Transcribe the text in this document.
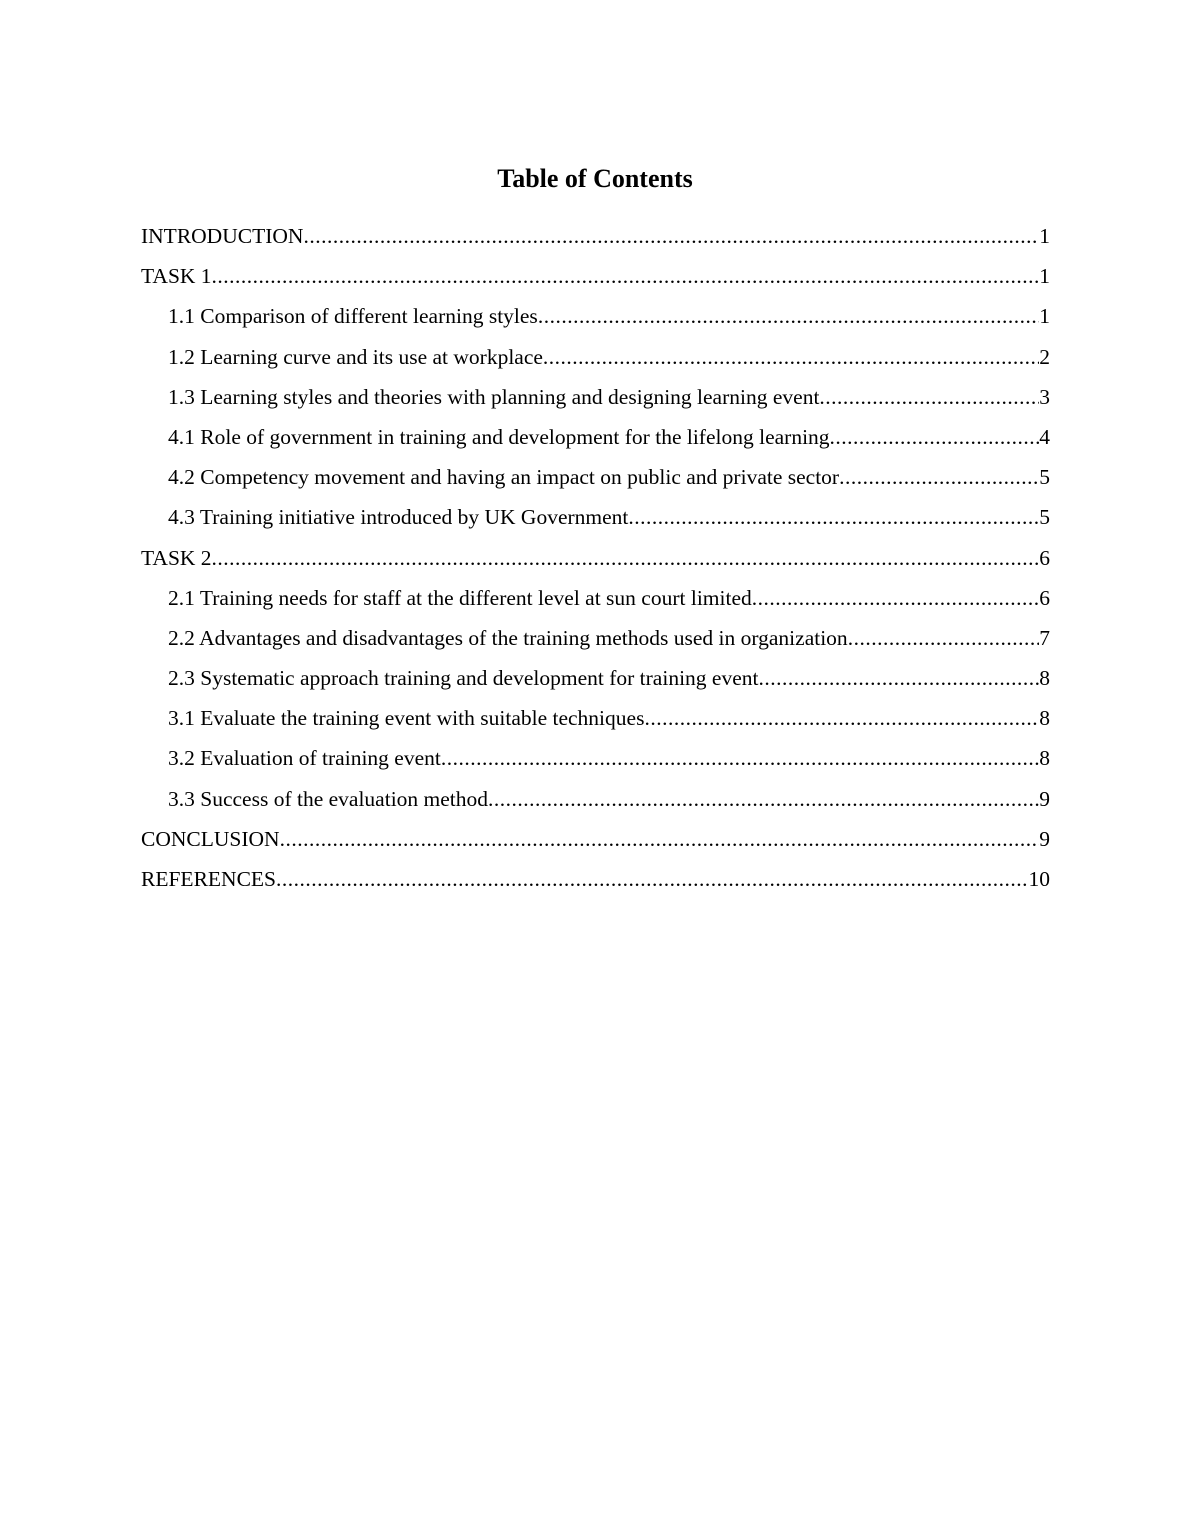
Table of Contents
INTRODUCTION .....	1
TASK 1 .....	1
1.1 Comparison of different learning styles .....	1
1.2 Learning curve and its use at workplace .....	2
1.3 Learning styles and theories with planning and designing learning event .....	3
4.1 Role of government in training and development for the lifelong learning .....	4
4.2 Competency movement and having an impact on public and private sector .....	5
4.3 Training initiative introduced by UK Government .....	5
TASK 2 .....	6
2.1 Training needs for staff at the different level at sun court limited .....	6
2.2 Advantages and disadvantages of the training methods used in organization .....	7
2.3 Systematic approach training and development for training event .....	8
3.1 Evaluate the training event with suitable techniques .....	8
3.2 Evaluation of training event .....	8
3.3 Success of the evaluation method .....	9
CONCLUSION .....	9
REFERENCES .....	10
